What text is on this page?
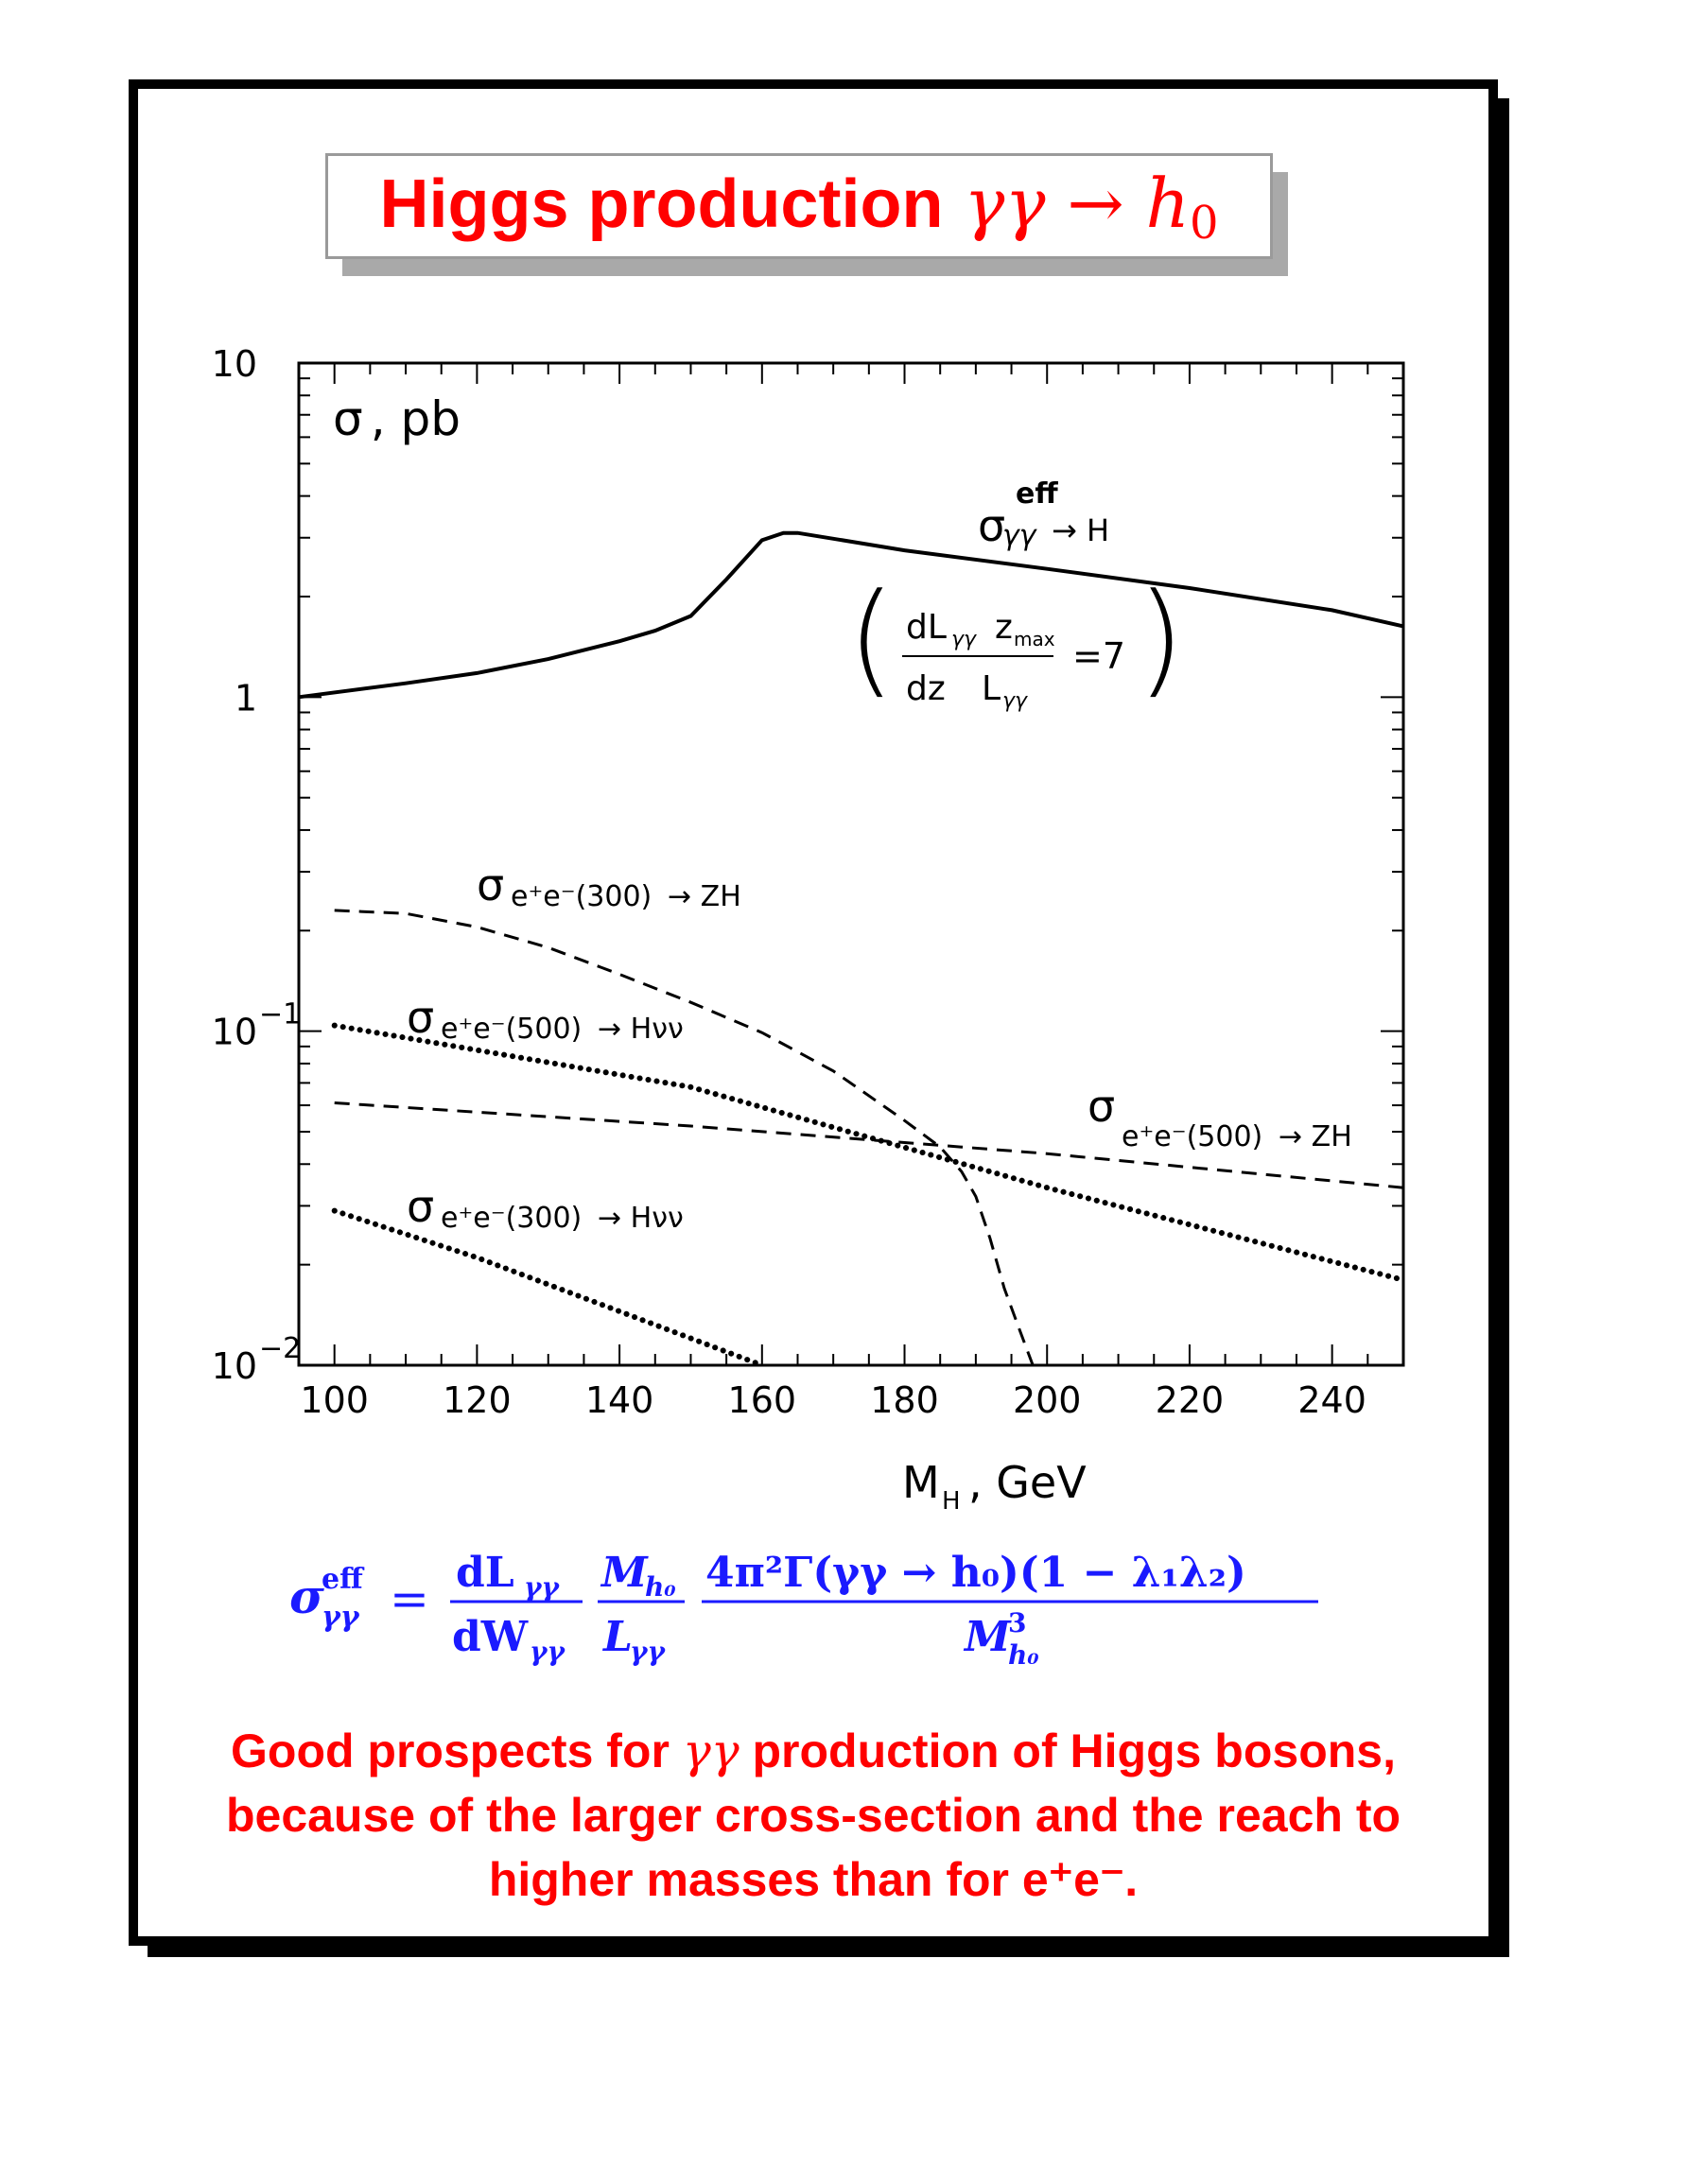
Higgs production $\gamma\gamma \to h_0$
100 120 140 160 180 200 220 240
10
1
10 −1
10 −2
σ , pb
σ
eff
γγ → H
( )
dL γγ z max
dz L γγ
=7
σ e⁺e⁻(300) → ZH
σ e⁺e⁻(500) → Hνν
σ
e⁺e⁻(500) → ZH
σ e⁺e⁻(300) → Hνν
M H , GeV
σ
eff
γγ = dL γγ
dW γγ
M
h₀
L
γγ
4π²Γ(γγ → h₀)(1 − λ₁λ₂)
M
3
h₀
Good prospects for γγ production of Higgs bosons,
because of the larger cross-section and the reach to
higher masses than for e⁺e⁻.
